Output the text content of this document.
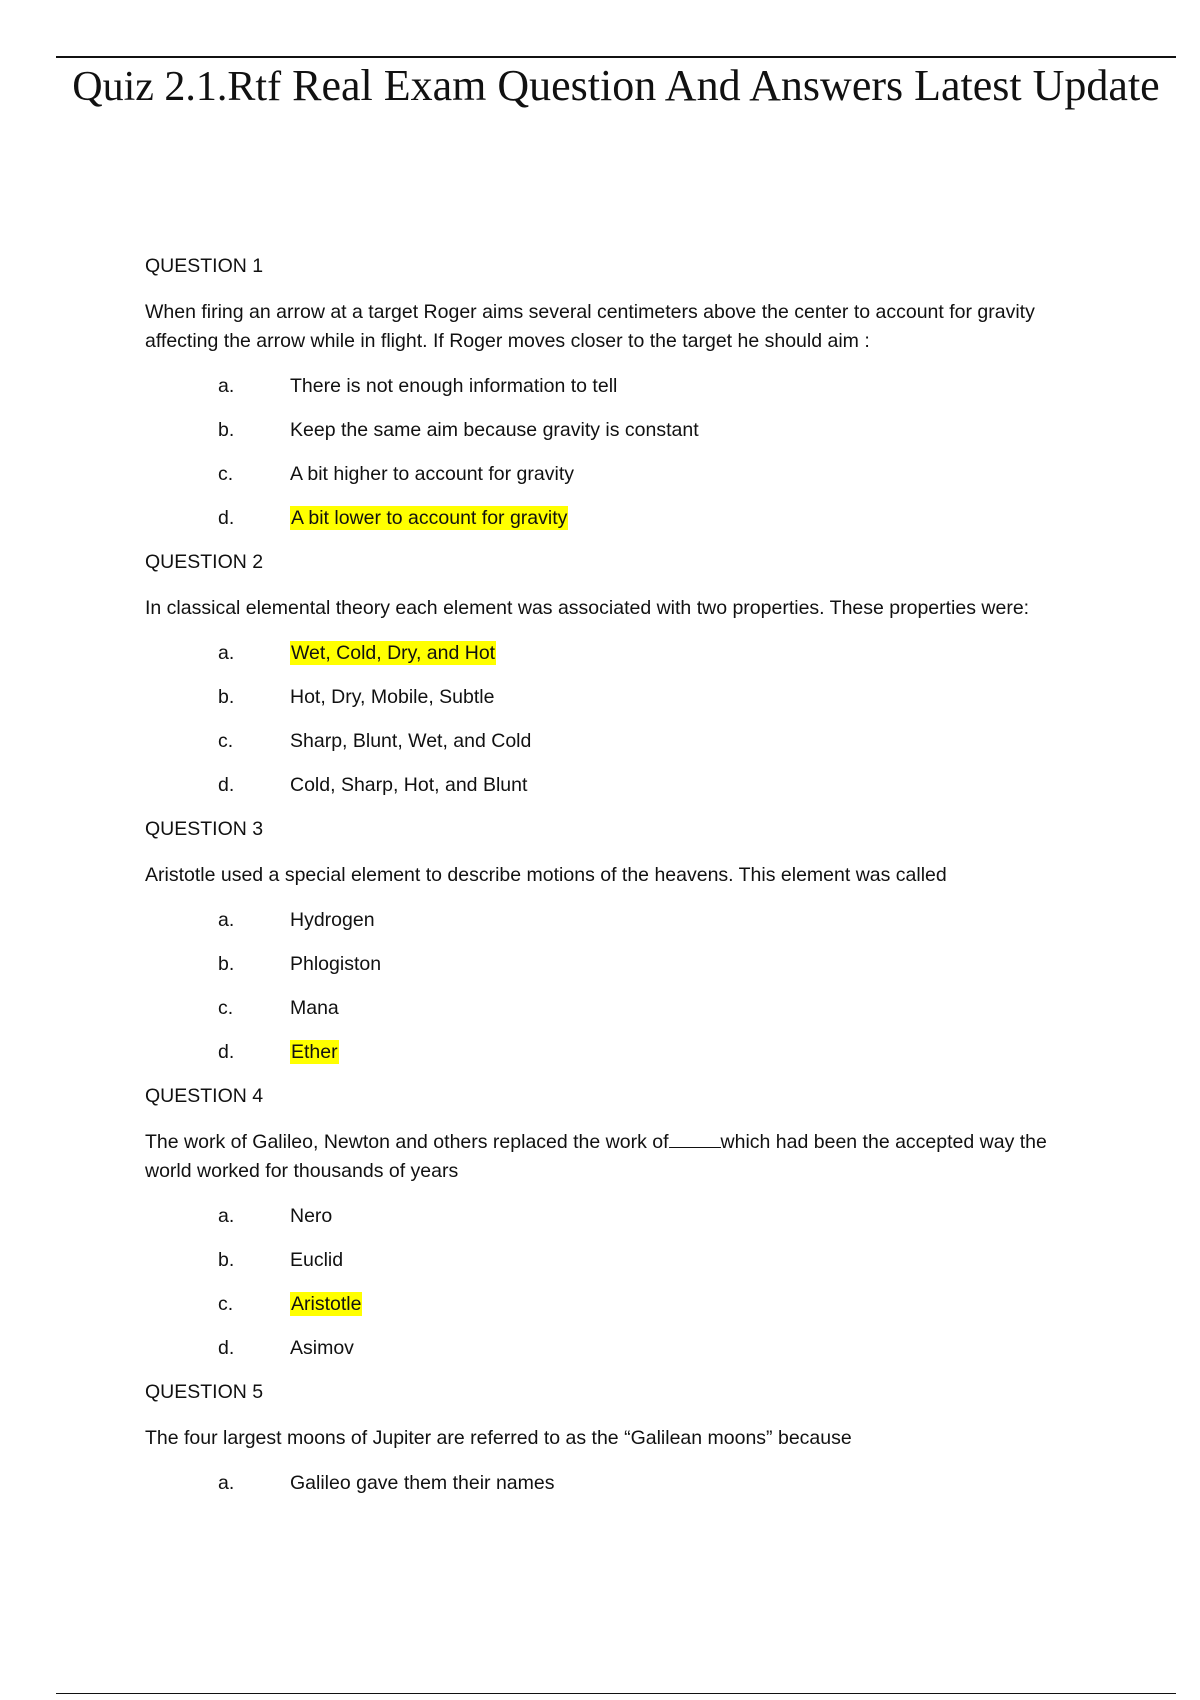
Quiz 2.1.Rtf Real Exam Question And Answers Latest Update
QUESTION 1

When firing an arrow at a target Roger aims several centimeters above the center to account for gravity affecting the arrow while in flight. If Roger moves closer to the target he should aim :

a.	There is not enough information to tell
b.	Keep the same aim because gravity is constant
c.	A bit higher to account for gravity
d.	A bit lower to account for gravity
QUESTION 2

In classical elemental theory each element was associated with two properties. These properties were:

a.	Wet, Cold, Dry, and Hot
b.	Hot, Dry, Mobile, Subtle
c.	Sharp, Blunt, Wet, and Cold
d.	Cold, Sharp, Hot, and Blunt
QUESTION 3

Aristotle used a special element to describe motions of the heavens. This element was called

a.	Hydrogen
b.	Phlogiston
c.	Mana
d.	Ether
QUESTION 4

The work of Galileo, Newton and others replaced the work of	which had been the accepted way the world worked for thousands of years

a.	Nero
b.	Euclid
c.	Aristotle
d.	Asimov
QUESTION 5

The four largest moons of Jupiter are referred to as the “Galilean moons” because

a.	Galileo gave them their names
